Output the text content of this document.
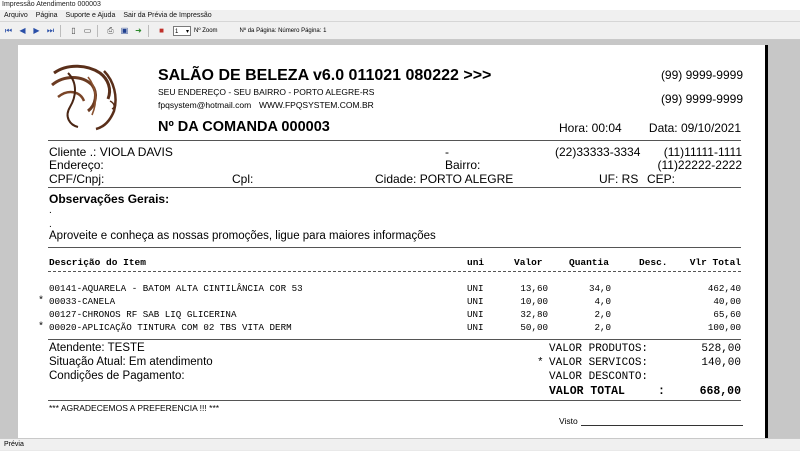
Impressão Atendimento 000003
Arquivo	Página	Suporte e Ajuda	Sair da Prévia de Impressão
⏮ ◀ ▶ ⏭	▯	▭ ⎙ ▣ ➜	■	1 ▾ Nº Zoom	Nº da Página: Número Página: 1
SALÃO DE BELEZA v6.0 011021 080222 >>>
SEU ENDEREÇO - SEU BAIRRO - PORTO ALEGRE-RS
fpqsystem@hotmail.com WWW.FPQSYSTEM.COM.BR
(99) 9999-9999
(99) 9999-9999
Nº DA COMANDA 000003	Hora: 00:04 Data: 09/10/2021
Cliente .: VIOLA DAVIS	-	(22)33333-3334 (11)11111-1111
Endereço:	Bairro:	(11)22222-2222
CPF/Cnpj:	Cpl:	Cidade: PORTO ALEGRE	UF: RS CEP:
Observações Gerais:
.
.
Aproveite e conheça as nossas promoções, ligue para maiores informações
Descrição do Item	uni	Valor	Quantia	Desc. Vlr Total
00141-AQUARELA - BATOM ALTA CINTILÂNCIA COR 53	UNI	13,60	34,0	462,40
* 00033-CANELA	UNI	10,00	4,0	40,00
00127-CHRONOS RF SAB LIQ GLICERINA	UNI	32,80	2,0	65,60
* 00020-APLICAÇÃO TINTURA COM 02 TBS VITA DERM	UNI	50,00	2,0	100,00
Atendente: TESTE
Situação Atual: Em atendimento
Condições de Pagamento:
VALOR PRODUTOS:	528,00
* VALOR SERVICOS:	140,00
VALOR DESCONTO:
VALOR TOTAL	:	668,00
*** AGRADECEMOS A PREFERENCIA !!! ***
Visto
Prévia
